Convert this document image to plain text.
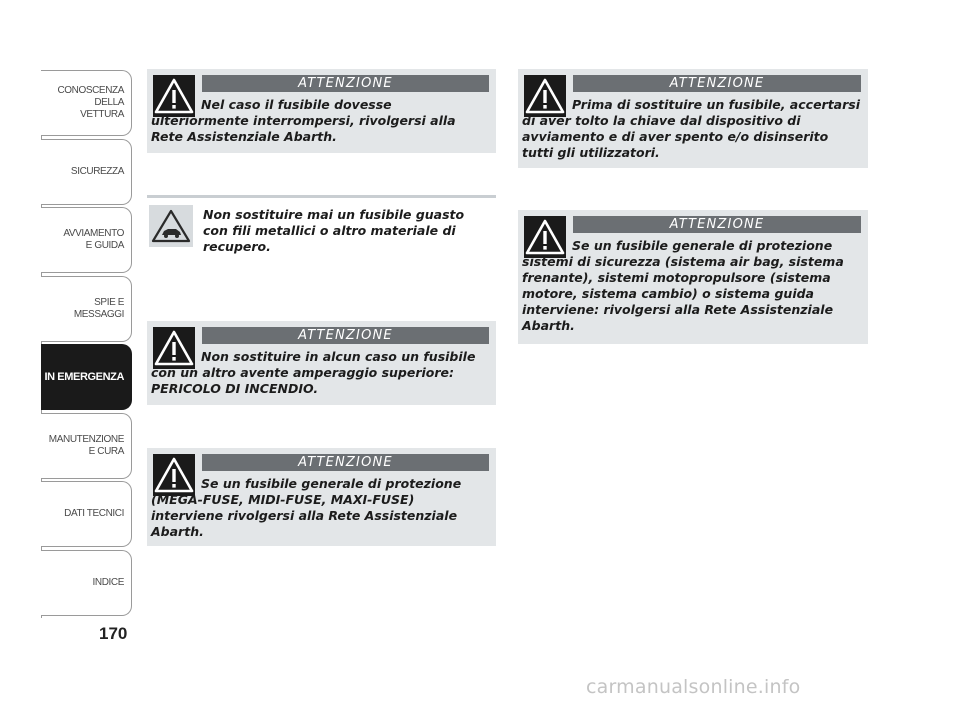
CONOSCENZA
DELLA
VETTURA
SICUREZZA
AVVIAMENTO
E GUIDA
SPIE E
MESSAGGI
IN EMERGENZA
MANUTENZIONE
E CURA
DATI TECNICI
INDICE
170
ATTENZIONE
Nel caso il fusibile dovesse ulteriormente interrompersi, rivolgersi alla Rete Assistenziale Abarth.
Non sostituire mai un fusibile guasto con fili metallici o altro materiale di recupero.
ATTENZIONE
Non sostituire in alcun caso un fusibile con un altro avente amperaggio superiore: PERICOLO DI INCENDIO.
ATTENZIONE
Se un fusibile generale di protezione (MEGA-FUSE, MIDI-FUSE, MAXI-FUSE) interviene rivolgersi alla Rete Assistenziale Abarth.
ATTENZIONE
Prima di sostituire un fusibile, accertarsi di aver tolto la chiave dal dispositivo di avviamento e di aver spento e/o disinserito tutti gli utilizzatori.
ATTENZIONE
Se un fusibile generale di protezione sistemi di sicurezza (sistema air bag, sistema frenante), sistemi motopropulsore (sistema motore, sistema cambio) o sistema guida interviene: rivolgersi alla Rete Assistenziale Abarth.
carmanualsonline.info
